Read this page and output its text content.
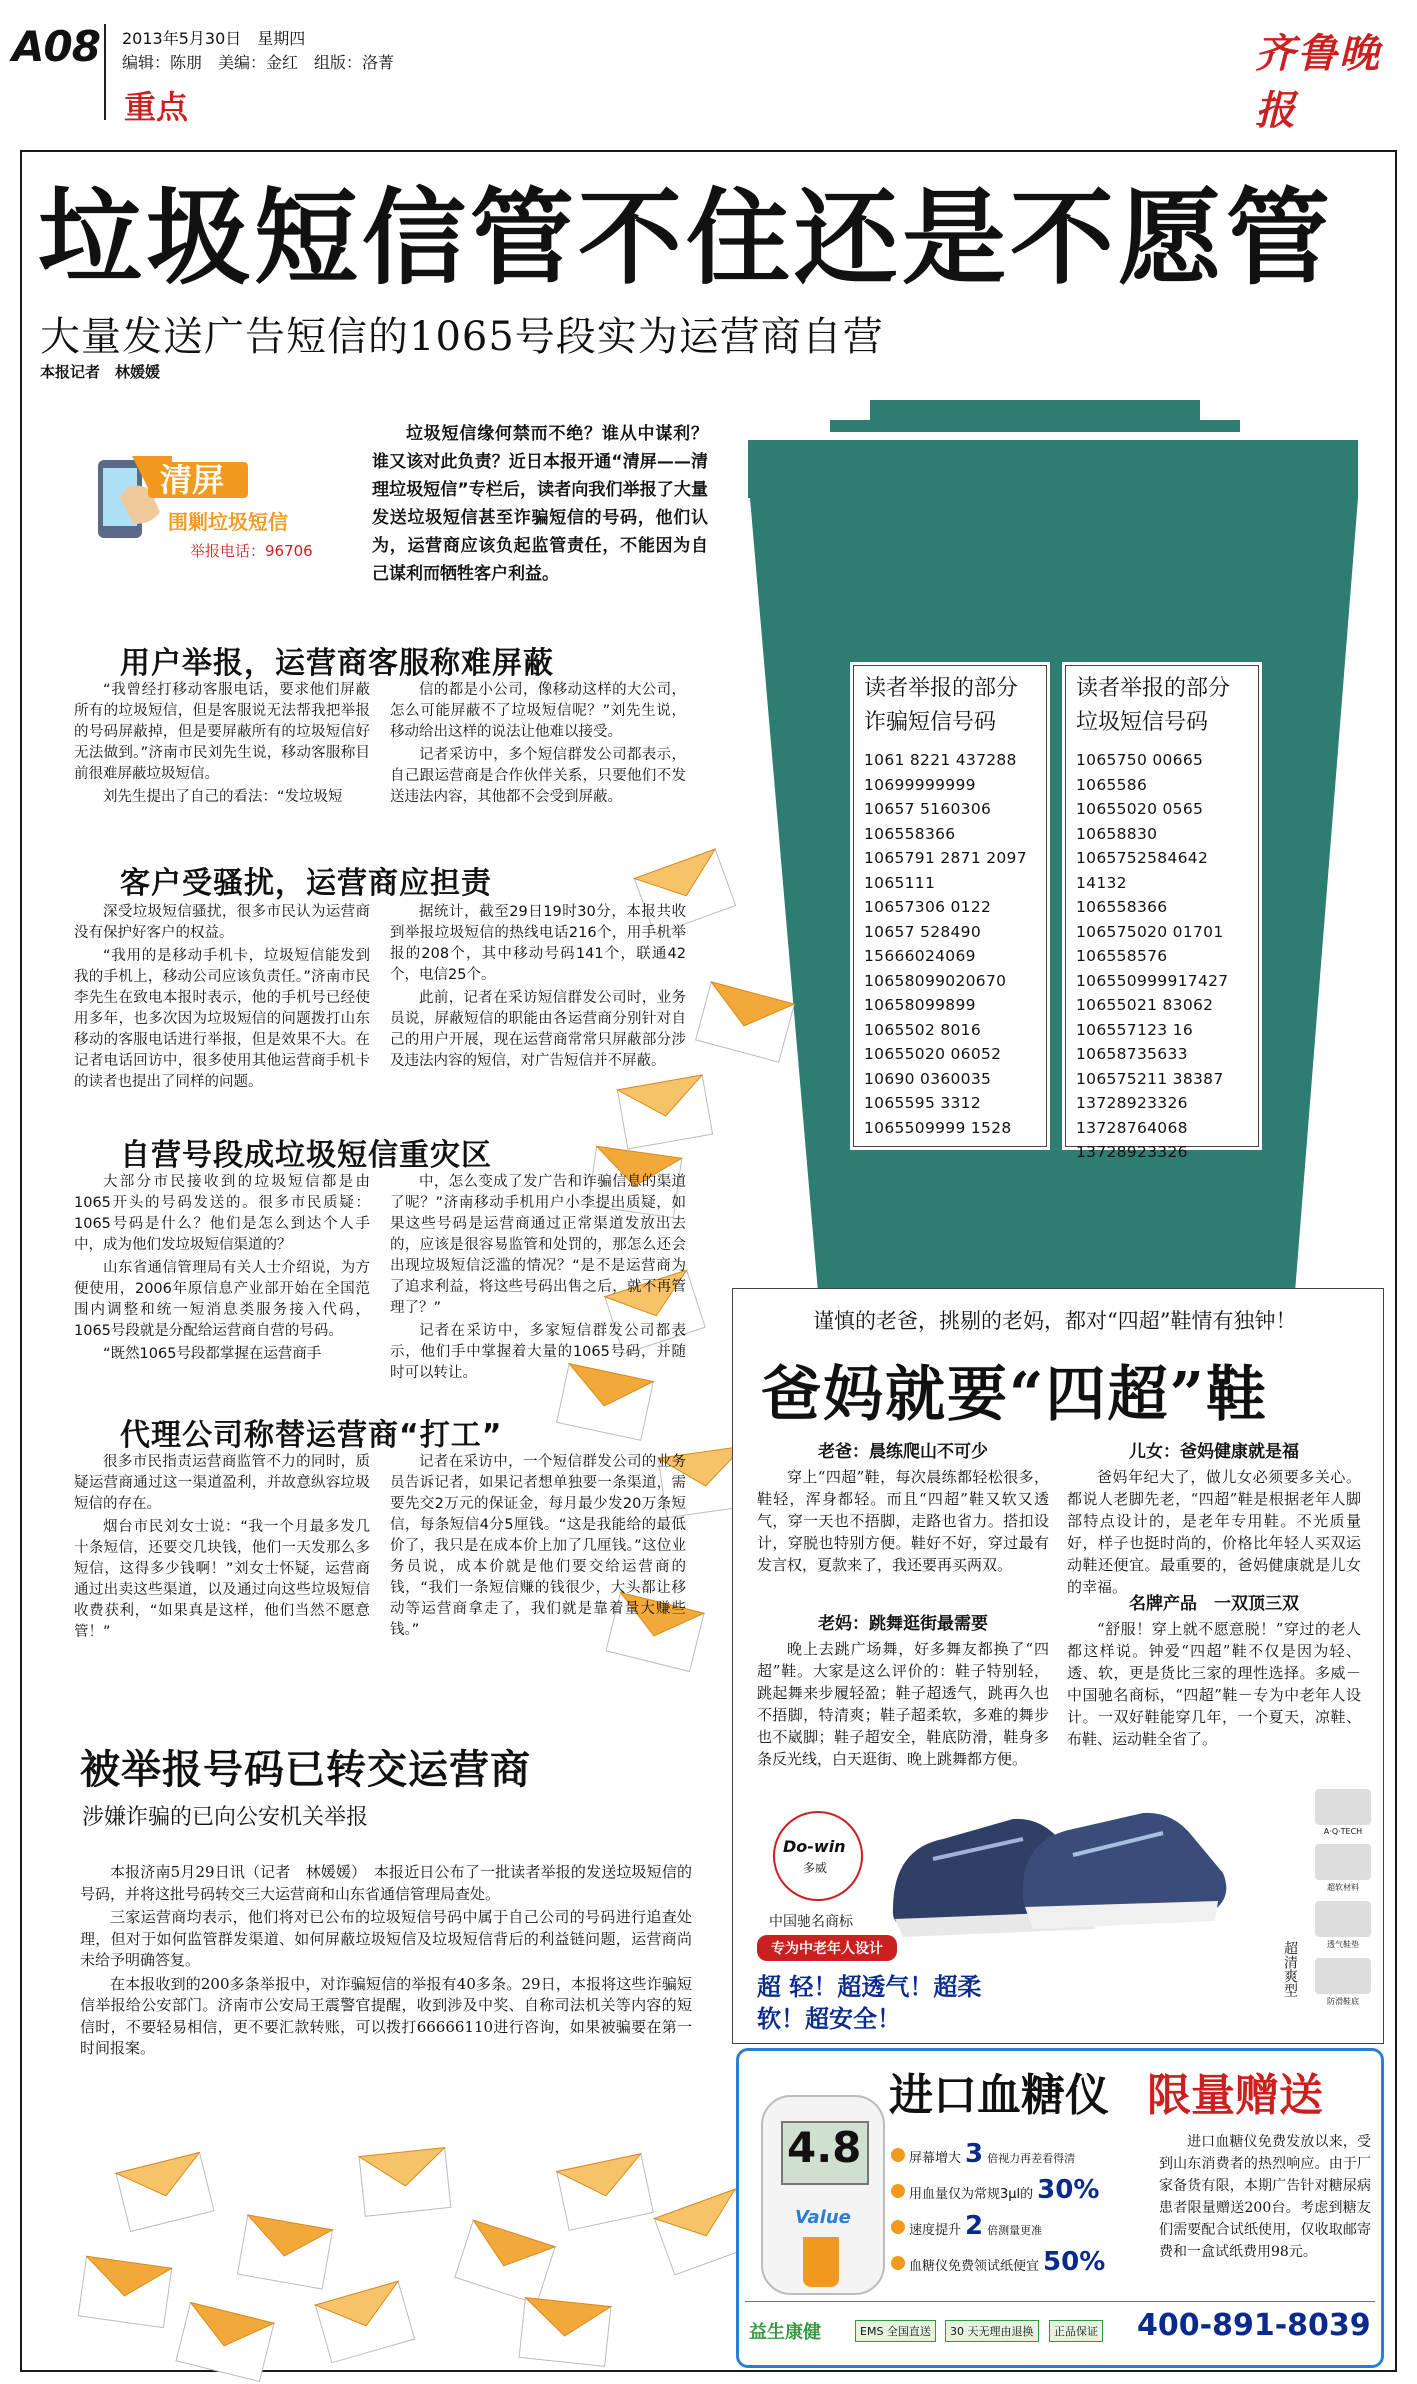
A08 2013年5月30日　星期四
编辑：陈朋　美编：金红　组版：洛菁
重点
齐鲁晚报
垃圾短信管不住还是不愿管
大量发送广告短信的1065号段实为运营商自营
本报记者　林媛媛
清屏
围剿垃圾短信
举报电话：96706
垃圾短信缘何禁而不绝？谁从中谋利？谁又该对此负责？近日本报开通“清屏——清理垃圾短信”专栏后，读者向我们举报了大量发送垃圾短信甚至诈骗短信的号码，他们认为，运营商应该负起监管责任，不能因为自己谋利而牺牲客户利益。
读者举报的部分诈骗短信号码
1061 8221 437288
10699999999
10657 5160306
106558366
1065791 2871 2097
1065111
10657306 0122
10657 528490
15666024069
10658099020670
10658099899
1065502 8016
10655020 06052
10690 0360035
1065595 3312
1065509999 1528
读者举报的部分垃圾短信号码
1065750 00665
1065586
10655020 0565
10658830
1065752584642 14132
106558366
106575020 01701
106558576
106550999917427
10655021 83062
106557123 16
10658735633
106575211 38387
13728923326
13728764068
13728923326
用户举报，运营商客服称难屏蔽

“我曾经打移动客服电话，要求他们屏蔽所有的垃圾短信，但是客服说无法帮我把举报的号码屏蔽掉，但是要屏蔽所有的垃圾短信好无法做到。”济南市民刘先生说，移动客服称目前很难屏蔽垃圾短信。

刘先生提出了自己的看法：“发垃圾短

信的都是小公司，像移动这样的大公司，怎么可能屏蔽不了垃圾短信呢？”刘先生说，移动给出这样的说法让他难以接受。

记者采访中，多个短信群发公司都表示，自己跟运营商是合作伙伴关系，只要他们不发送违法内容，其他都不会受到屏蔽。

客户受骚扰，运营商应担责

深受垃圾短信骚扰，很多市民认为运营商没有保护好客户的权益。

“我用的是移动手机卡，垃圾短信能发到我的手机上，移动公司应该负责任。”济南市民李先生在致电本报时表示，他的手机号已经使用多年，也多次因为垃圾短信的问题拨打山东移动的客服电话进行举报，但是效果不大。在记者电话回访中，很多使用其他运营商手机卡的读者也提出了同样的问题。

据统计，截至29日19时30分，本报共收到举报垃圾短信的热线电话216个，用手机举报的208个，其中移动号码141个，联通42个，电信25个。

此前，记者在采访短信群发公司时，业务员说，屏蔽短信的职能由各运营商分别针对自己的用户开展，现在运营商常常只屏蔽部分涉及违法内容的短信，对广告短信并不屏蔽。

自营号段成垃圾短信重灾区

大部分市民接收到的垃圾短信都是由1065开头的号码发送的。很多市民质疑：1065号码是什么？他们是怎么到达个人手中，成为他们发垃圾短信渠道的？

山东省通信管理局有关人士介绍说，为方便使用，2006年原信息产业部开始在全国范围内调整和统一短消息类服务接入代码，1065号段就是分配给运营商自营的号码。

“既然1065号段都掌握在运营商手

中，怎么变成了发广告和诈骗信息的渠道了呢？”济南移动手机用户小李提出质疑，如果这些号码是运营商通过正常渠道发放出去的，应该是很容易监管和处罚的，那怎么还会出现垃圾短信泛滥的情况？“是不是运营商为了追求利益，将这些号码出售之后，就不再管理了？”

记者在采访中，多家短信群发公司都表示，他们手中掌握着大量的1065号码，并随时可以转让。

代理公司称替运营商“打工”

很多市民指责运营商监管不力的同时，质疑运营商通过这一渠道盈利，并故意纵容垃圾短信的存在。

烟台市民刘女士说：“我一个月最多发几十条短信，还要交几块钱，他们一天发那么多短信，这得多少钱啊！”刘女士怀疑，运营商通过出卖这些渠道，以及通过向这些垃圾短信收费获利，“如果真是这样，他们当然不愿意管！”

记者在采访中，一个短信群发公司的业务员告诉记者，如果记者想单独要一条渠道，需要先交2万元的保证金，每月最少发20万条短信，每条短信4分5厘钱。“这是我能给的最低价了，我只是在成本价上加了几厘钱。”这位业务员说，成本价就是他们要交给运营商的钱，“我们一条短信赚的钱很少，大头都让移动等运营商拿走了，我们就是靠着量大赚些钱。”

被举报号码已转交运营商
涉嫌诈骗的已向公安机关举报

本报济南5月29日讯（记者　林媛媛）　本报近日公布了一批读者举报的发送垃圾短信的号码，并将这批号码转交三大运营商和山东省通信管理局查处。

三家运营商均表示，他们将对已公布的垃圾短信号码中属于自己公司的号码进行追查处理，但对于如何监管群发渠道、如何屏蔽垃圾短信及垃圾短信背后的利益链问题，运营商尚未给予明确答复。

在本报收到的200多条举报中，对诈骗短信的举报有40多条。29日，本报将这些诈骗短信举报给公安部门。济南市公安局王震警官提醒，收到涉及中奖、自称司法机关等内容的短信时，不要轻易相信，更不要汇款转账，可以拨打66666110进行咨询，如果被骗要在第一时间报案。

谨慎的老爸，挑剔的老妈，都对“四超”鞋情有独钟！
爸妈就要“四超”鞋
老爸：晨练爬山不可少
穿上“四超”鞋，每次晨练都轻松很多，鞋轻，浑身都轻。而且“四超”鞋又软又透气，穿一天也不捂脚，走路也省力。搭扣设计，穿脱也特别方便。鞋好不好，穿过最有发言权，夏款来了，我还要再买两双。
老妈：跳舞逛街最需要
晚上去跳广场舞，好多舞友都换了“四超”鞋。大家是这么评价的：鞋子特别轻，跳起舞来步履轻盈；鞋子超透气，跳再久也不捂脚，特清爽；鞋子超柔软，多难的舞步也不崴脚；鞋子超安全，鞋底防滑，鞋身多条反光线，白天逛街、晚上跳舞都方便。
儿女：爸妈健康就是福
爸妈年纪大了，做儿女必须要多关心。都说人老脚先老，“四超”鞋是根据老年人脚部特点设计的，是老年专用鞋。不光质量好，样子也挺时尚的，价格比年轻人买双运动鞋还便宜。最重要的，爸妈健康就是儿女的幸福。
名牌产品　一双顶三双
“舒服！穿上就不愿意脱！”穿过的老人都这样说。钟爱“四超”鞋不仅是因为轻、透、软，更是货比三家的理性选择。多威－中国驰名商标，“四超”鞋－专为中老年人设计。一双好鞋能穿几年，一个夏天，凉鞋、布鞋、运动鞋全省了。
Do-win
多威
中国驰名商标
专为中老年人设计
超 轻！超透气！超柔软！超安全！
A·Q·TECH
超软材料
透气鞋垫
防滑鞋底
超清爽型
进口血糖仪 限量赠送
4.8
Value
屏幕增大 3 倍视力再差看得清
用血量仅为常规3μl的 30%
速度提升 2 倍测量更准
血糖仪免费领试纸便宜 50%
进口血糖仪免费发放以来，受到山东消费者的热烈响应。由于厂家备货有限，本期广告针对糖尿病患者限量赠送200台。考虑到糖友们需要配合试纸使用，仅收取邮寄费和一盒试纸费用98元。
益生康健	EMS 全国直送	30 天无理由退换	正品保证 400-891-8039
